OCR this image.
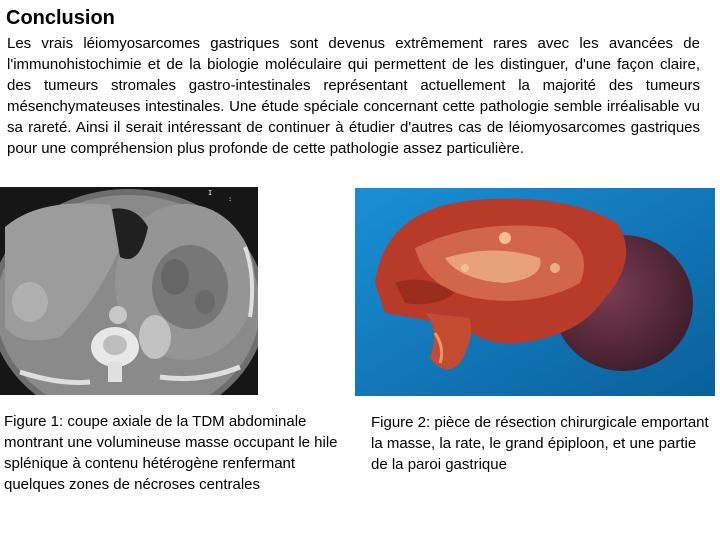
Conclusion

Les vrais léiomyosarcomes gastriques sont devenus extrêmement rares avec les avancées de l'immunohistochimie et de la biologie moléculaire qui permettent de les distinguer, d'une façon claire, des tumeurs stromales gastro-intestinales représentant actuellement la majorité des tumeurs mésenchymateuses intestinales. Une étude spéciale concernant cette pathologie semble irréalisable vu sa rareté. Ainsi il serait intéressant de continuer à étudier d'autres cas de léiomyosarcomes gastriques pour une compréhension plus profonde de cette pathologie assez particulière.

I
:

Figure 1: coupe axiale de la TDM abdominale montrant une volumineuse masse occupant le hile splénique à contenu hétérogène renfermant quelques zones de nécroses centrales

Figure 2: pièce de résection chirurgicale emportant la masse, la rate, le grand épiploon, et une partie de la paroi gastrique
